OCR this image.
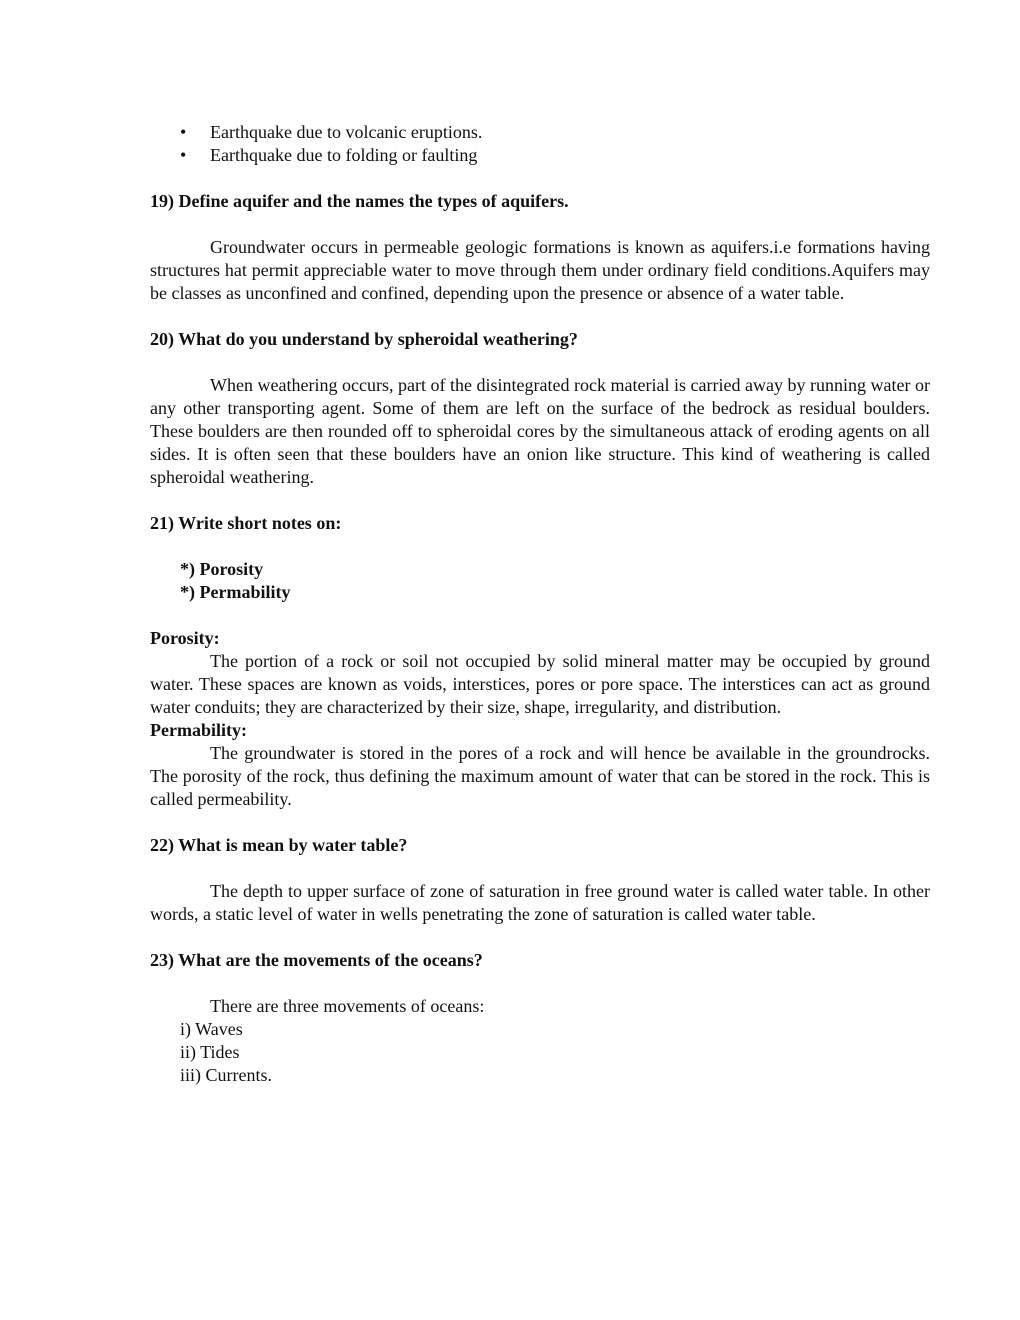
• Earthquake due to volcanic eruptions.
• Earthquake due to folding or faulting
19) Define aquifer and the names the types of aquifers.

Groundwater occurs in permeable geologic formations is known as aquifers.i.e formations having structures hat permit appreciable water to move through them under ordinary field conditions.Aquifers may be classes as unconfined and confined, depending upon the presence or absence of a water table.

20) What do you understand by spheroidal weathering?

When weathering occurs, part of the disintegrated rock material is carried away by running water or any other transporting agent. Some of them are left on the surface of the bedrock as residual boulders. These boulders are then rounded off to spheroidal cores by the simultaneous attack of eroding agents on all sides. It is often seen that these boulders have an onion like structure. This kind of weathering is called spheroidal weathering.

21) Write short notes on:
*) Porosity
*) Permability
Porosity:

The portion of a rock or soil not occupied by solid mineral matter may be occupied by ground water. These spaces are known as voids, interstices, pores or pore space. The interstices can act as ground water conduits; they are characterized by their size, shape, irregularity, and distribution.

Permability:

The groundwater is stored in the pores of a rock and will hence be available in the groundrocks. The porosity of the rock, thus defining the maximum amount of water that can be stored in the rock. This is called permeability.

22) What is mean by water table?

The depth to upper surface of zone of saturation in free ground water is called water table. In other words, a static level of water in wells penetrating the zone of saturation is called water table.

23) What are the movements of the oceans?

There are three movements of oceans:

i) Waves
ii) Tides
iii) Currents.
